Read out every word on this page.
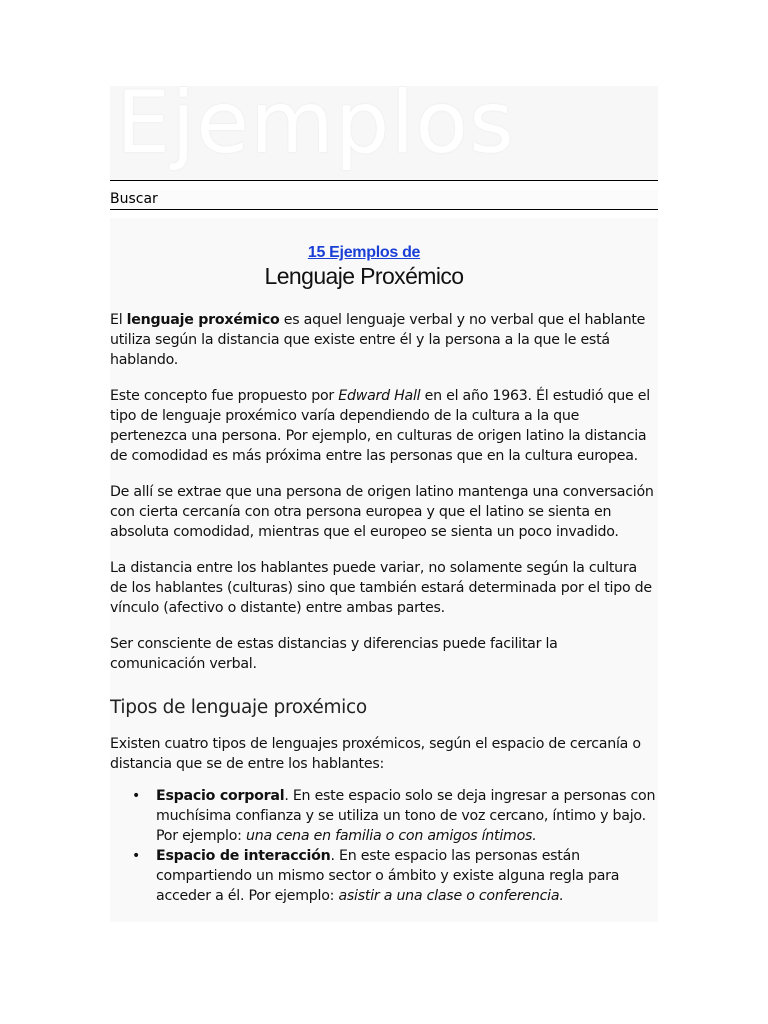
Ejemplos
Buscar
15 Ejemplos de
Lenguaje Proxémico

El lenguaje proxémico es aquel lenguaje verbal y no verbal que el hablante utiliza según la distancia que existe entre él y la persona a la que le está hablando.

Este concepto fue propuesto por Edward Hall en el año 1963. Él estudió que el tipo de lenguaje proxémico varía dependiendo de la cultura a la que pertenezca una persona. Por ejemplo, en culturas de origen latino la distancia de comodidad es más próxima entre las personas que en la cultura europea.

De allí se extrae que una persona de origen latino mantenga una conversación con cierta cercanía con otra persona europea y que el latino se sienta en absoluta comodidad, mientras que el europeo se sienta un poco invadido.

La distancia entre los hablantes puede variar, no solamente según la cultura de los hablantes (culturas) sino que también estará determinada por el tipo de vínculo (afectivo o distante) entre ambas partes.

Ser consciente de estas distancias y diferencias puede facilitar la comunicación verbal.

Tipos de lenguaje proxémico

Existen cuatro tipos de lenguajes proxémicos, según el espacio de cercanía o distancia que se de entre los hablantes:

• Espacio corporal. En este espacio solo se deja ingresar a personas con muchísima confianza y se utiliza un tono de voz cercano, íntimo y bajo. Por ejemplo: una cena en familia o con amigos íntimos.
• Espacio de interacción. En este espacio las personas están compartiendo un mismo sector o ámbito y existe alguna regla para acceder a él. Por ejemplo: asistir a una clase o conferencia.
